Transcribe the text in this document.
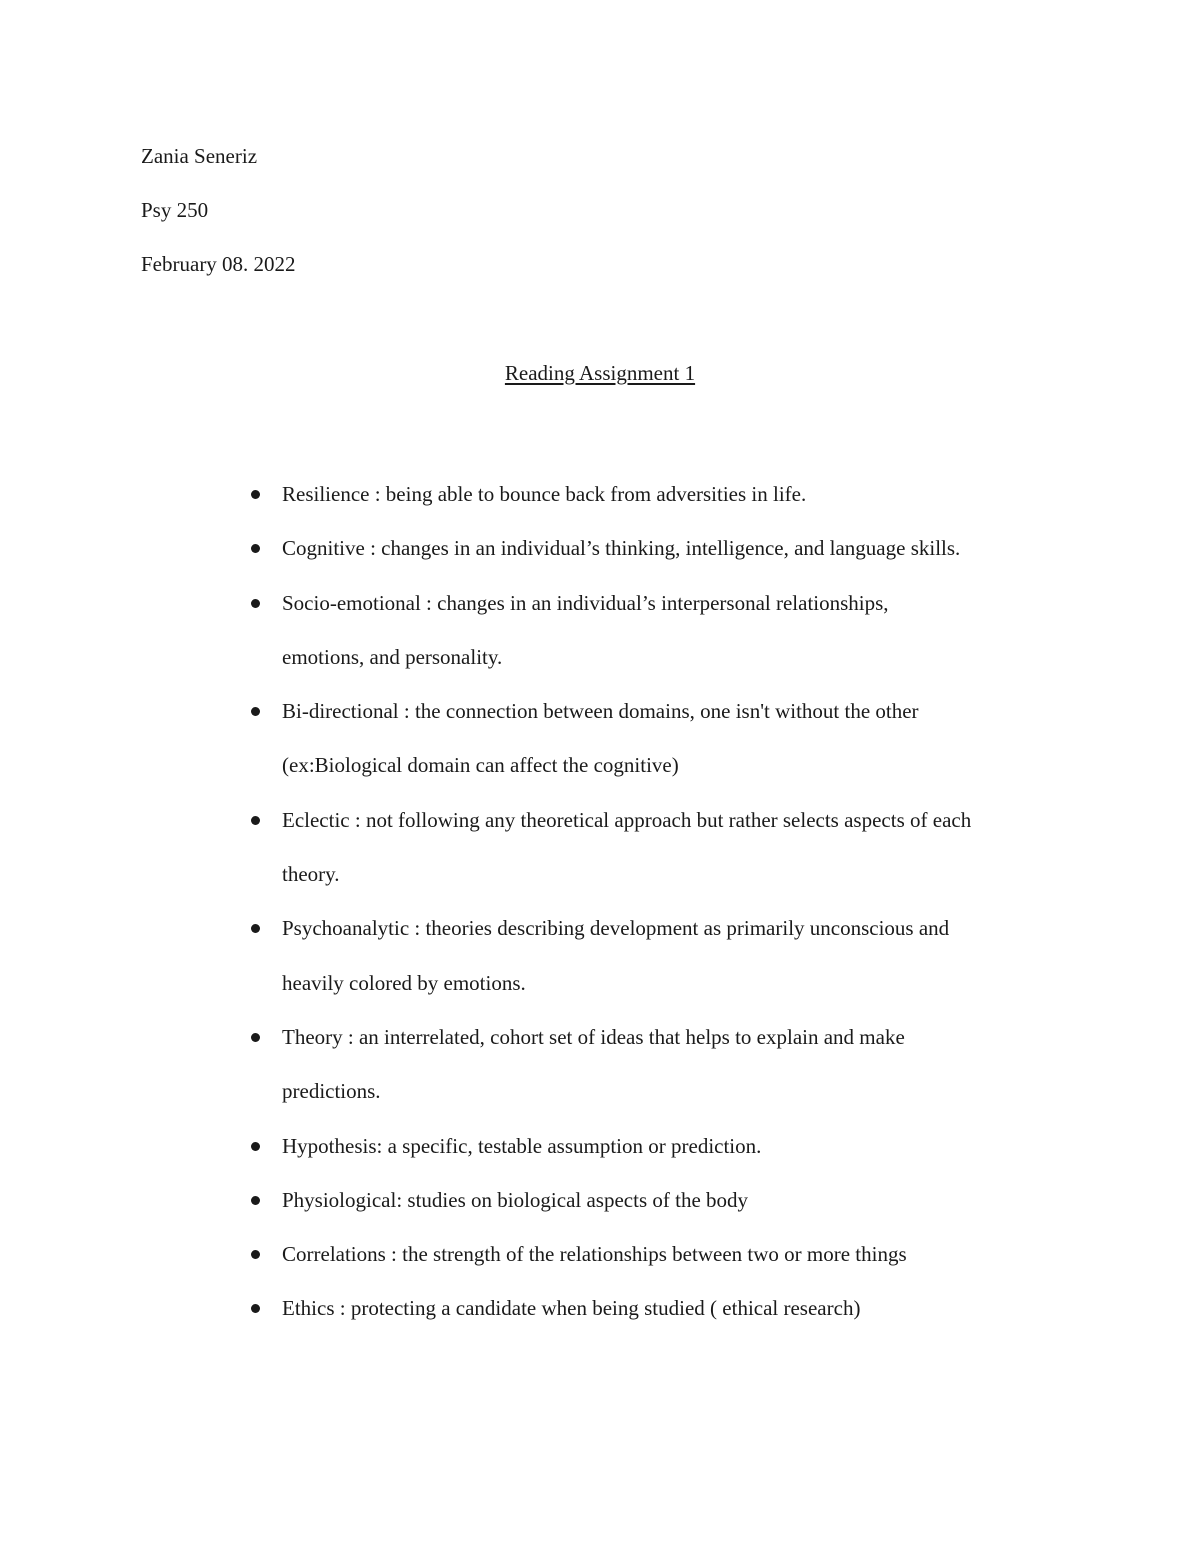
Zania Seneriz
Psy 250
February 08. 2022
Reading Assignment 1
Resilience : being able to bounce back from adversities in life.
Cognitive : changes in an individual’s thinking, intelligence, and language skills.
Socio-emotional : changes in an individual’s interpersonal relationships,
emotions, and personality.
Bi-directional : the connection between domains, one isn't without the other
(ex:Biological domain can affect the cognitive)
Eclectic : not following any theoretical approach but rather selects aspects of each
theory.
Psychoanalytic : theories describing development as primarily unconscious and
heavily colored by emotions.
Theory : an interrelated, cohort set of ideas that helps to explain and make
predictions.
Hypothesis: a specific, testable assumption or prediction.
Physiological: studies on biological aspects of the body
Correlations : the strength of the relationships between two or more things
Ethics : protecting a candidate when being studied ( ethical research)
